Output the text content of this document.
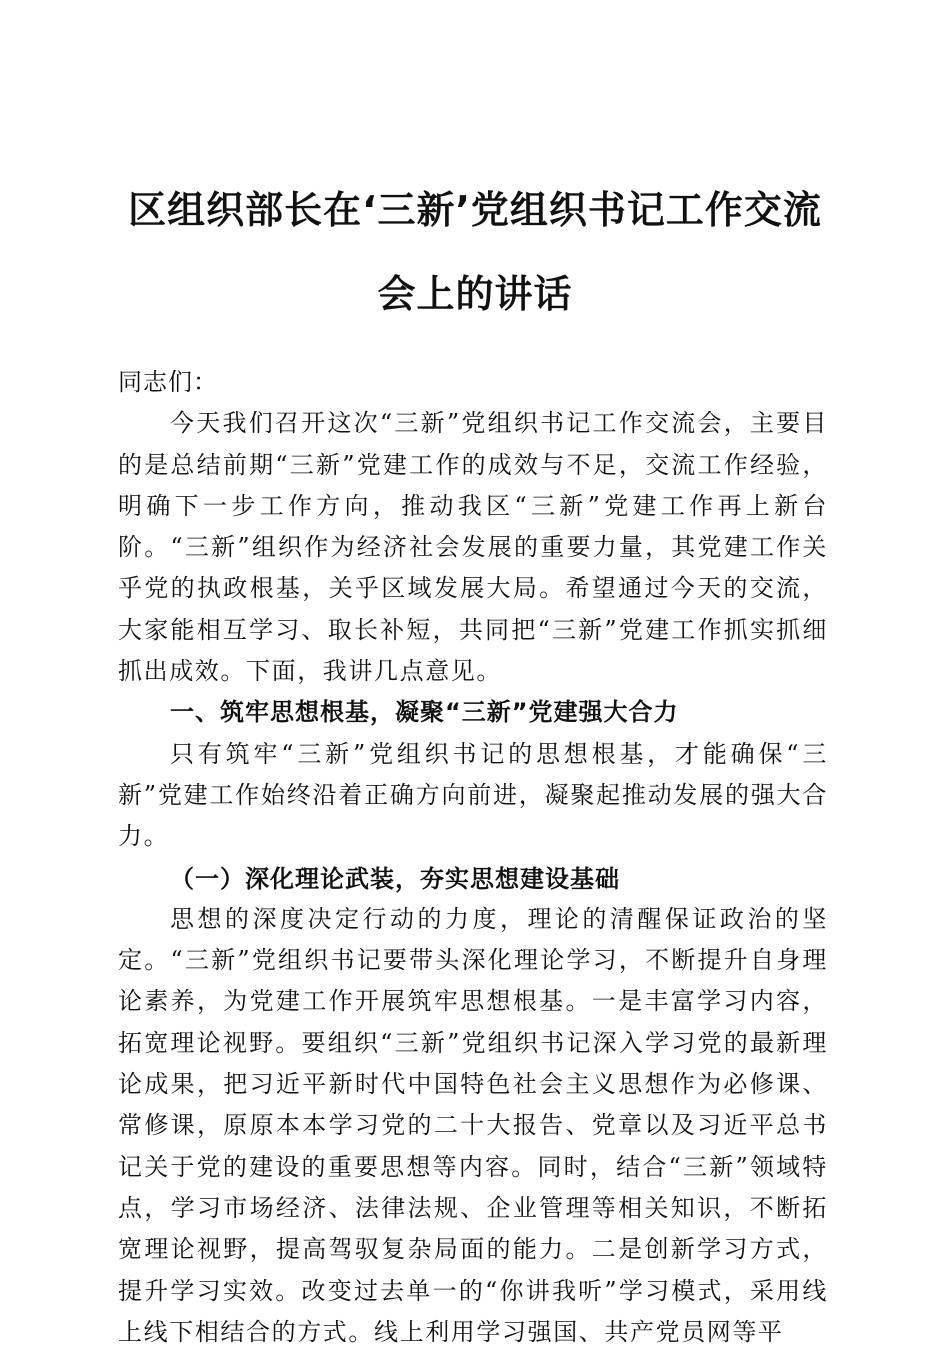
区组织部长在‘三新’党组织书记工作交流会上的讲话

同志们：

今天我们召开这次“三新”党组织书记工作交流会，主要目的是总结前期“三新”党建工作的成效与不足，交流工作经验，明确下一步工作方向，推动我区“三新”党建工作再上新台阶。“三新”组织作为经济社会发展的重要力量，其党建工作关乎党的执政根基，关乎区域发展大局。希望通过今天的交流，大家能相互学习、取长补短，共同把“三新”党建工作抓实抓细抓出成效。下面，我讲几点意见。

一、筑牢思想根基，凝聚“三新”党建强大合力

只有筑牢“三新”党组织书记的思想根基，才能确保“三新”党建工作始终沿着正确方向前进，凝聚起推动发展的强大合力。

（一）深化理论武装，夯实思想建设基础

思想的深度决定行动的力度，理论的清醒保证政治的坚定。“三新”党组织书记要带头深化理论学习，不断提升自身理论素养，为党建工作开展筑牢思想根基。一是丰富学习内容，拓宽理论视野。要组织“三新”党组织书记深入学习党的最新理论成果，把习近平新时代中国特色社会主义思想作为必修课、常修课，原原本本学习党的二十大报告、党章以及习近平总书记关于党的建设的重要思想等内容。同时，结合“三新”领域特点，学习市场经济、法律法规、企业管理等相关知识，不断拓宽理论视野，提高驾驭复杂局面的能力。二是创新学习方式，提升学习实效。改变过去单一的“你讲我听”学习模式，采用线上线下相结合的方式。线上利用学习强国、共产党员网等平
